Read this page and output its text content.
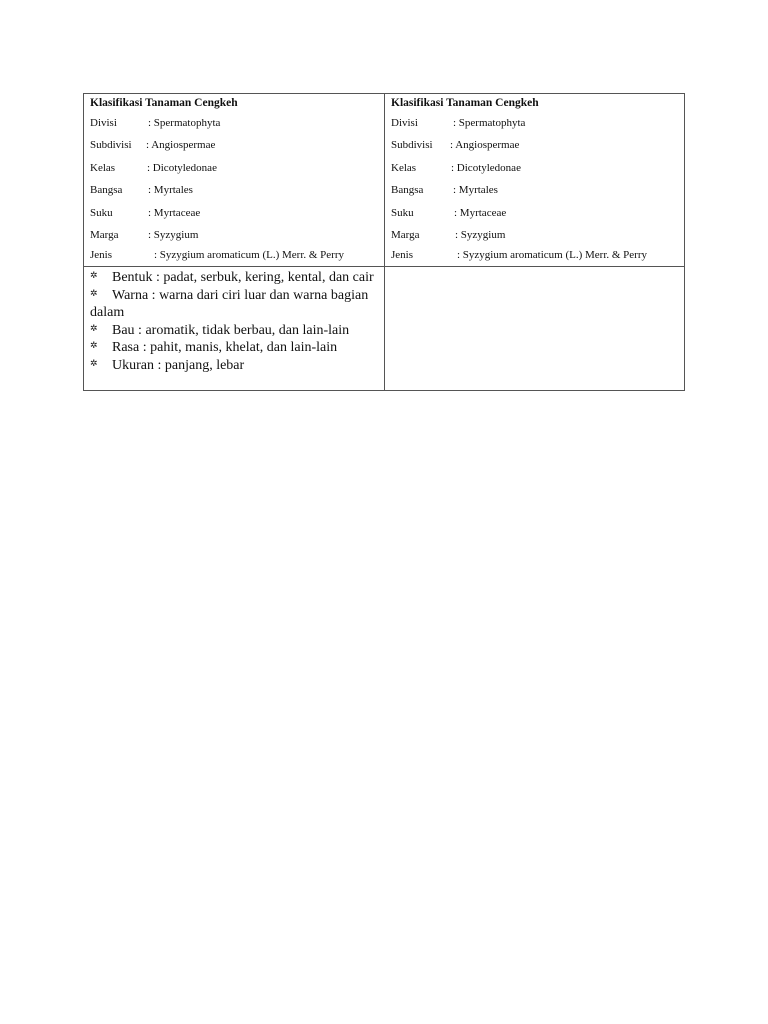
Klasifikasi Tanaman Cengkeh
Divisi	: Spermatophyta
Subdivisi : Angiospermae
Kelas	: Dicotyledonae
Bangsa : Myrtales
Suku	: Myrtaceae
Marga	: Syzygium
Jenis	: Syzygium aromaticum (L.) Merr. & Perry
Klasifikasi Tanaman Cengkeh
Divisi	: Spermatophyta
Subdivisi : Angiospermae
Kelas	: Dicotyledonae
Bangsa	: Myrtales
Suku	: Myrtaceae
Marga	: Syzygium
Jenis	: Syzygium aromaticum (L.) Merr. & Perry
✲ Bentuk : padat, serbuk, kering, kental, dan cair
✲ Warna : warna dari ciri luar dan warna bagian dalam
✲ Bau : aromatik, tidak berbau, dan lain-lain
✲ Rasa : pahit, manis, khelat, dan lain-lain
✲ Ukuran : panjang, lebar
